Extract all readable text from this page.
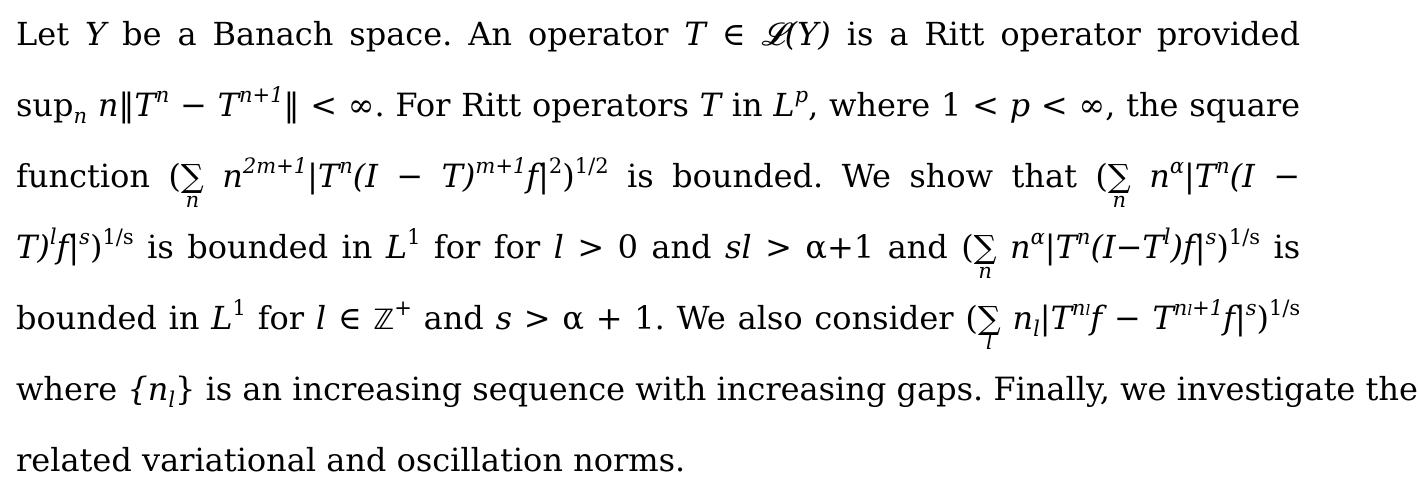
Let Y be a Banach space. An operator T ∈ 𝓛(Y) is a Ritt operator provided
sup$_n$ $n‖T^n$ − $T^{n+1}‖$ < ∞. For Ritt operators T in $L^p$, where 1 < p < ∞, the square
function (∑
n
$n^{2m+1}|T^n(I - T)^{m+1}f|^2)^{1/2}$ is bounded. We show that (∑
n
$n^\alpha|T^n(I$ −
$T)^lf|^s)^{1/s}$ is bounded in $L^1$ for for l > 0 and sl > α+1 and (∑
n
$n^\alpha|T^n(I-T^l)f|^s)^{1/s}$ is
bounded in $L^1$ for l ∈ ℤ+ and s > α + 1. We also consider (∑
l
$n_l|T^{nl}f - T^{nl+1}f|^s)^{1/s}$
where $\{n_l\}$ is an increasing sequence with increasing gaps. Finally, we investigate the
related variational and oscillation norms.
